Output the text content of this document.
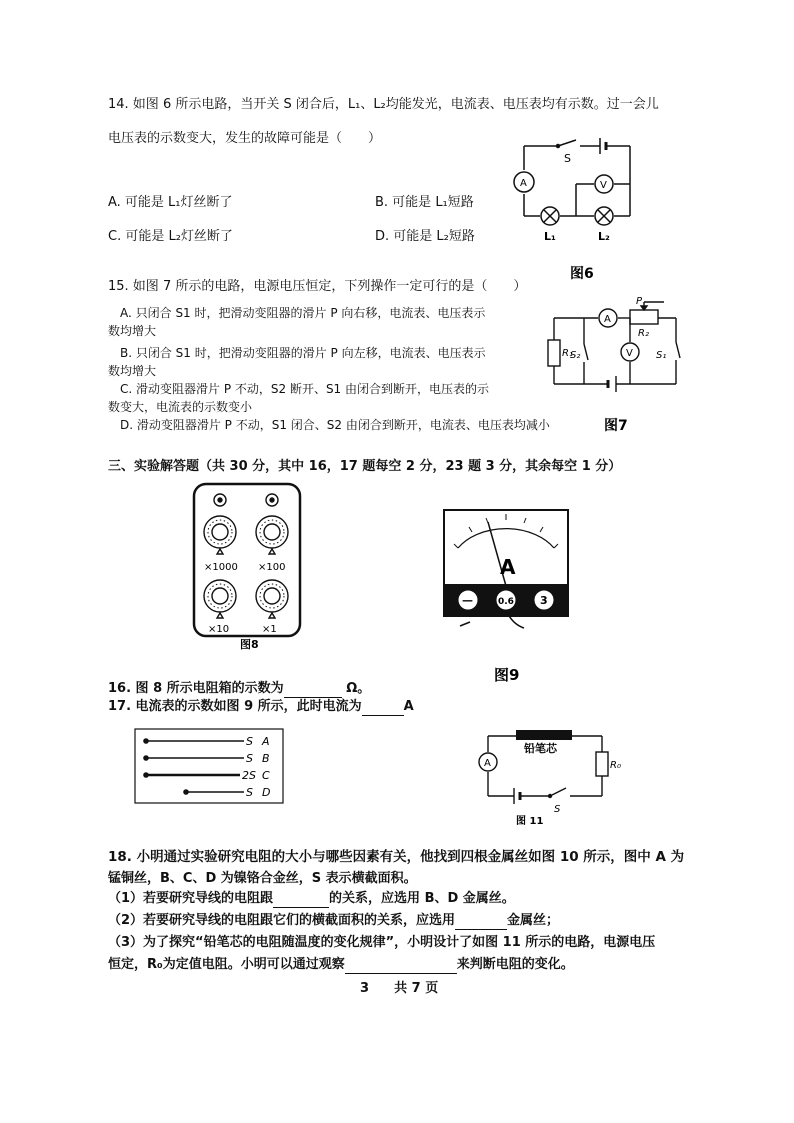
14. 如图 6 所示电路，当开关 S 闭合后，L₁、L₂均能发光，电流表、电压表均有示数。过一会儿
电压表的示数变大，发生的故障可能是（　　）
A. 可能是 L₁灯丝断了	B. 可能是 L₁短路
C. 可能是 L₂灯丝断了	D. 可能是 L₂短路
S
A	V
L₁	L₂
图6
15. 如图 7 所示的电路，电源电压恒定，下列操作一定可行的是（　　）
A. 只闭合 S1 时，把滑动变阻器的滑片 P 向右移，电流表、电压表示
数均增大
B. 只闭合 S1 时，把滑动变阻器的滑片 P 向左移，电流表、电压表示
数均增大
C. 滑动变阻器滑片 P 不动，S2 断开、S1 由闭合到断开，电压表的示
数变大，电流表的示数变小
D. 滑动变阻器滑片 P 不动，S1 闭合、S2 由闭合到断开，电流表、电压表均减小
A
V
P
R₂
R₁
S₂	S₁
图7
三、实验解答题（共 30 分，其中 16，17 题每空 2 分，23 题 3 分，其余每空 1 分）
×1000 ×100
×10	×1
图8
A
—	0.6 3
图9
16. 图 8 所示电阻箱的示数为	Ω。
17. 电流表的示数如图 9 所示，此时电流为	A
S A
S B
2S C
S D
铅笔芯
A	R₀
S
图 11
18. 小明通过实验研究电阻的大小与哪些因素有关，他找到四根金属丝如图 10 所示，图中 A 为
锰铜丝，B、C、D 为镍铬合金丝，S 表示横截面积。
（1）若要研究导线的电阻跟	的关系，应选用 B、D 金属丝。
（2）若要研究导线的电阻跟它们的横截面积的关系，应选用	金属丝；
（3）为了探究“铅笔芯的电阻随温度的变化规律”，小明设计了如图 11 所示的电路，电源电压
恒定，R₀为定值电阻。小明可以通过观察	来判断电阻的变化。
3 共 7 页
